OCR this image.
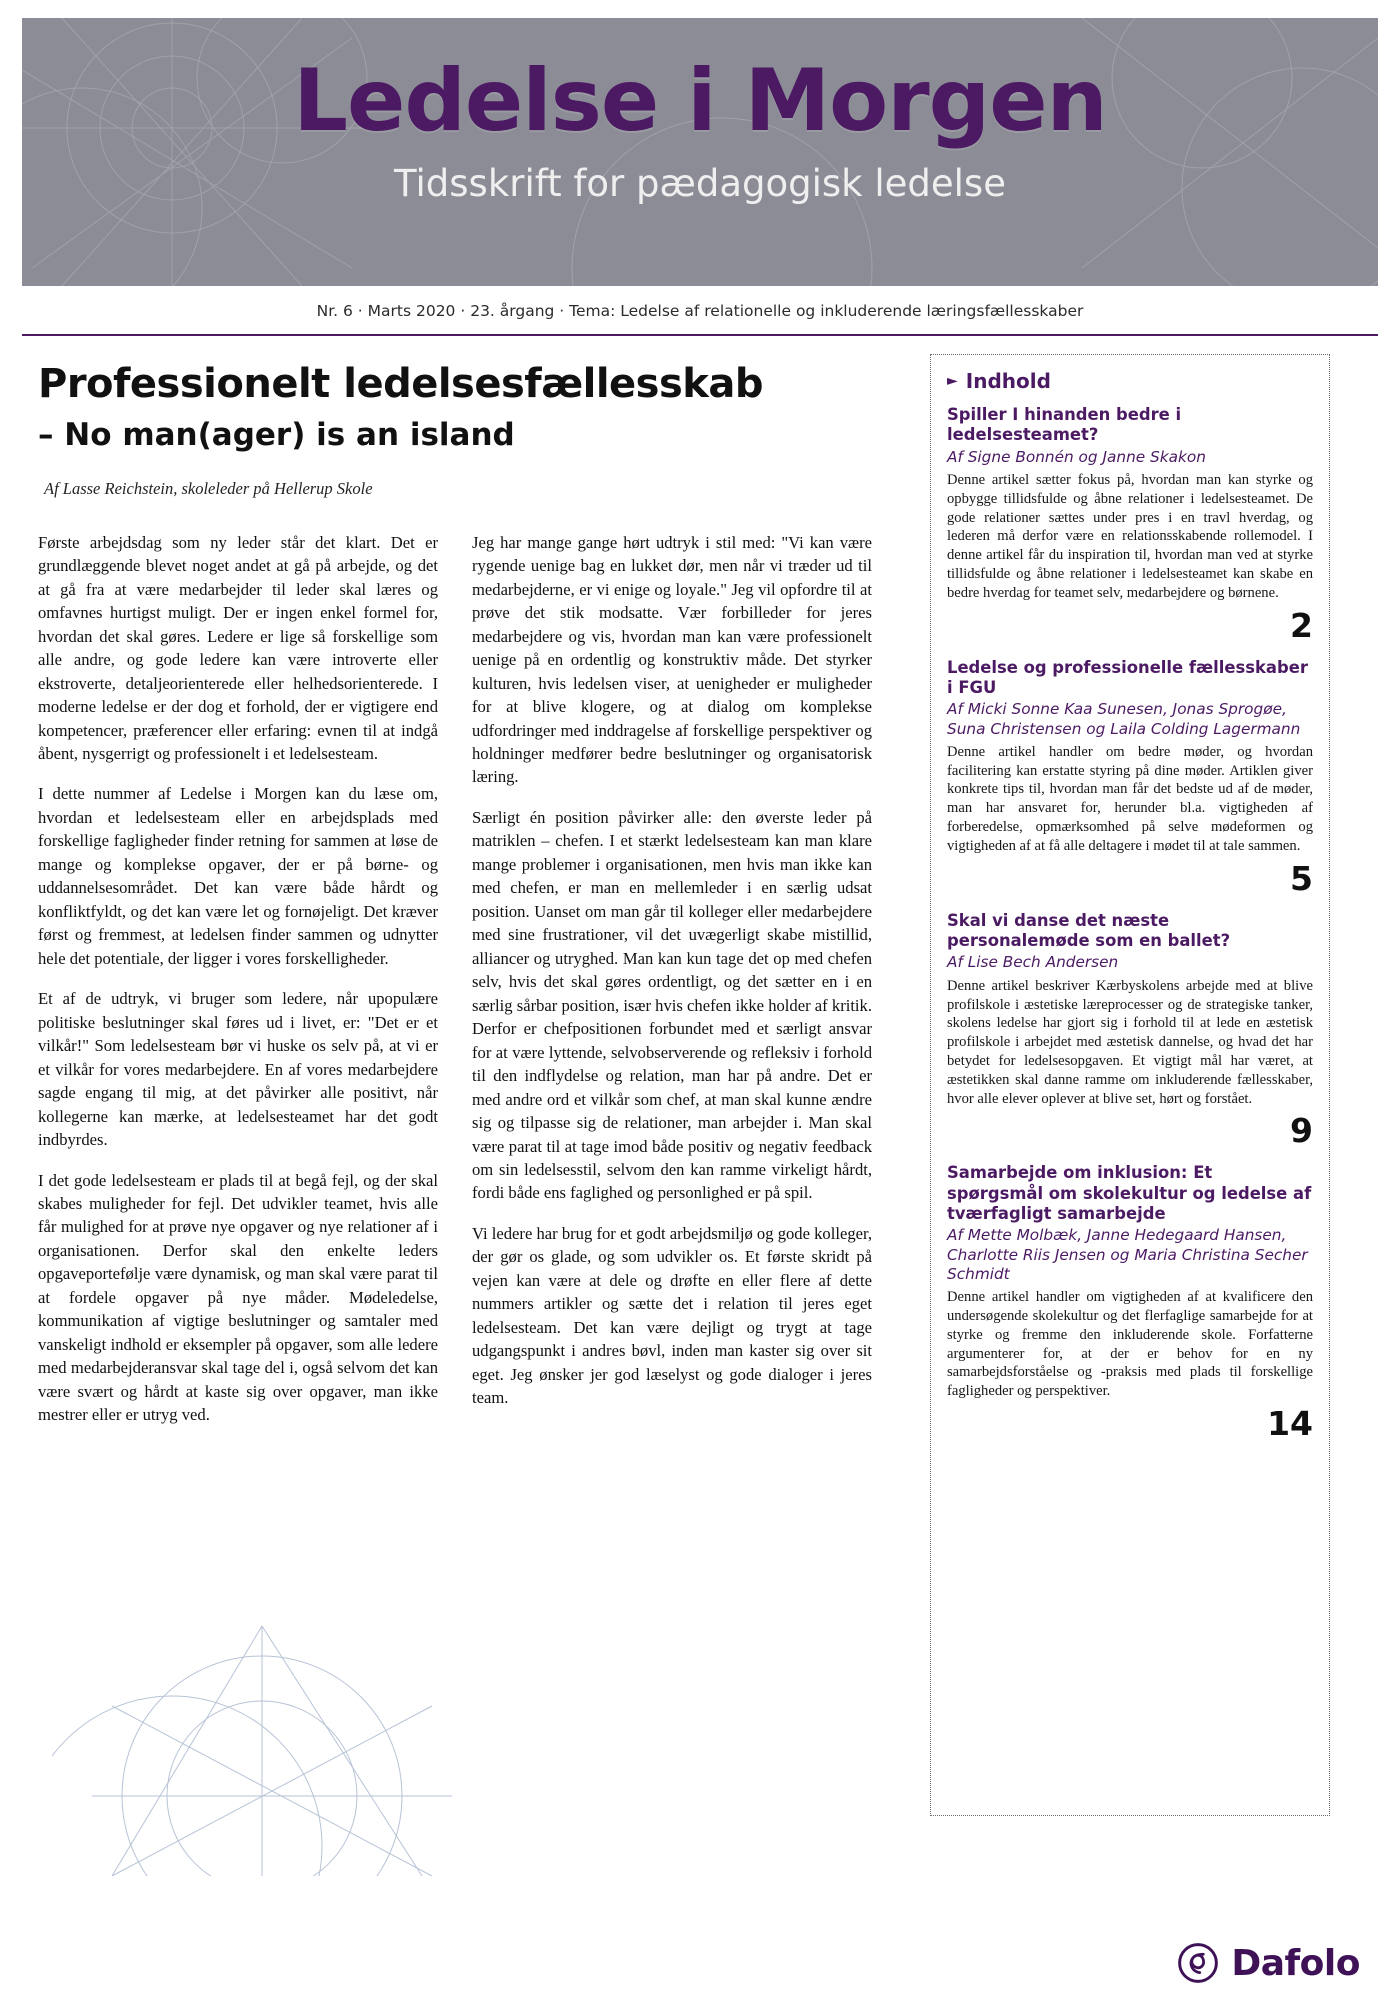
Ledelse i Morgen
Tidsskrift for pædagogisk ledelse
Nr. 6 · Marts 2020 · 23. årgang · Tema: Ledelse af relationelle og inkluderende læringsfællesskaber
Professionelt ledelsesfællesskab
– No man(ager) is an island
Af Lasse Reichstein, skoleleder på Hellerup Skole

Første arbejdsdag som ny leder står det klart. Det er grundlæggende blevet noget andet at gå på arbejde, og det at gå fra at være medarbejder til leder skal læres og omfavnes hurtigst muligt. Der er ingen enkel formel for, hvordan det skal gøres. Ledere er lige så forskellige som alle andre, og gode ledere kan være introverte eller ekstroverte, detaljeorienterede eller helhedsorienterede. I moderne ledelse er der dog et forhold, der er vigtigere end kompetencer, præferencer eller erfaring: evnen til at indgå åbent, nysgerrigt og professionelt i et ledelsesteam.

I dette nummer af Ledelse i Morgen kan du læse om, hvordan et ledelsesteam eller en arbejdsplads med forskellige fagligheder finder retning for sammen at løse de mange og komplekse opgaver, der er på børne- og uddannelsesområdet. Det kan være både hårdt og konfliktfyldt, og det kan være let og fornøjeligt. Det kræver først og fremmest, at ledelsen finder sammen og udnytter hele det potentiale, der ligger i vores forskelligheder.

Et af de udtryk, vi bruger som ledere, når upopulære politiske beslutninger skal føres ud i livet, er: "Det er et vilkår!" Som ledelsesteam bør vi huske os selv på, at vi er et vilkår for vores medarbejdere. En af vores medarbejdere sagde engang til mig, at det påvirker alle positivt, når kollegerne kan mærke, at ledelsesteamet har det godt indbyrdes.

I det gode ledelsesteam er plads til at begå fejl, og der skal skabes muligheder for fejl. Det udvikler teamet, hvis alle får mulighed for at prøve nye opgaver og nye relationer af i organisationen. Derfor skal den enkelte leders opgaveportefølje være dynamisk, og man skal være parat til at fordele opgaver på nye måder. Mødeledelse, kommunikation af vigtige beslutninger og samtaler med vanskeligt indhold er eksempler på opgaver, som alle ledere med medarbejderansvar skal tage del i, også selvom det kan være svært og hårdt at kaste sig over opgaver, man ikke mestrer eller er utryg ved.

Jeg har mange gange hørt udtryk i stil med: "Vi kan være rygende uenige bag en lukket dør, men når vi træder ud til medarbejderne, er vi enige og loyale." Jeg vil opfordre til at prøve det stik modsatte. Vær forbilleder for jeres medarbejdere og vis, hvordan man kan være professionelt uenige på en ordentlig og konstruktiv måde. Det styrker kulturen, hvis ledelsen viser, at uenigheder er muligheder for at blive klogere, og at dialog om komplekse udfordringer med inddragelse af forskellige perspektiver og holdninger medfører bedre beslutninger og organisatorisk læring.

Særligt én position påvirker alle: den øverste leder på matriklen – chefen. I et stærkt ledelsesteam kan man klare mange problemer i organisationen, men hvis man ikke kan med chefen, er man en mellemleder i en særlig udsat position. Uanset om man går til kolleger eller medarbejdere med sine frustrationer, vil det uvægerligt skabe mistillid, alliancer og utryghed. Man kan kun tage det op med chefen selv, hvis det skal gøres ordentligt, og det sætter en i en særlig sårbar position, især hvis chefen ikke holder af kritik. Derfor er chefpositionen forbundet med et særligt ansvar for at være lyttende, selvobserverende og refleksiv i forhold til den indflydelse og relation, man har på andre. Det er med andre ord et vilkår som chef, at man skal kunne ændre sig og tilpasse sig de relationer, man arbejder i. Man skal være parat til at tage imod både positiv og negativ feedback om sin ledelsesstil, selvom den kan ramme virkeligt hårdt, fordi både ens faglighed og personlighed er på spil.

Vi ledere har brug for et godt arbejdsmiljø og gode kolleger, der gør os glade, og som udvikler os. Et første skridt på vejen kan være at dele og drøfte en eller flere af dette nummers artikler og sætte det i relation til jeres eget ledelsesteam. Det kan være dejligt og trygt at tage udgangspunkt i andres bøvl, inden man kaster sig over sit eget. Jeg ønsker jer god læselyst og gode dialoger i jeres team.

► Indhold
Spiller I hinanden bedre i ledelsesteamet?
Af Signe Bonnén og Janne Skakon
Denne artikel sætter fokus på, hvordan man kan styrke og opbygge tillidsfulde og åbne relationer i ledelsesteamet. De gode relationer sættes under pres i en travl hverdag, og lederen må derfor være en relationsskabende rollemodel. I denne artikel får du inspiration til, hvordan man ved at styrke tillidsfulde og åbne relationer i ledelsesteamet kan skabe en bedre hverdag for teamet selv, medarbejdere og børnene.
2
Ledelse og professionelle fællesskaber i FGU
Af Micki Sonne Kaa Sunesen, Jonas Sprogøe, Suna Christensen og Laila Colding Lagermann
Denne artikel handler om bedre møder, og hvordan facilitering kan erstatte styring på dine møder. Artiklen giver konkrete tips til, hvordan man får det bedste ud af de møder, man har ansvaret for, herunder bl.a. vigtigheden af forberedelse, opmærksomhed på selve mødeformen og vigtigheden af at få alle deltagere i mødet til at tale sammen.
5
Skal vi danse det næste personalemøde som en ballet?
Af Lise Bech Andersen
Denne artikel beskriver Kærbyskolens arbejde med at blive profilskole i æstetiske læreprocesser og de strategiske tanker, skolens ledelse har gjort sig i forhold til at lede en æstetisk profilskole i arbejdet med æstetisk dannelse, og hvad det har betydet for ledelsesopgaven. Et vigtigt mål har været, at æstetikken skal danne ramme om inkluderende fællesskaber, hvor alle elever oplever at blive set, hørt og forstået.
9
Samarbejde om inklusion: Et spørgsmål om skolekultur og ledelse af tværfagligt samarbejde
Af Mette Molbæk, Janne Hedegaard Hansen, Charlotte Riis Jensen og Maria Christina Secher Schmidt
Denne artikel handler om vigtigheden af at kvalificere den undersøgende skolekultur og det flerfaglige samarbejde for at styrke og fremme den inkluderende skole. Forfatterne argumenterer for, at der er behov for en ny samarbejdsforståelse og -praksis med plads til forskellige fagligheder og perspektiver.
14
Dafolo
